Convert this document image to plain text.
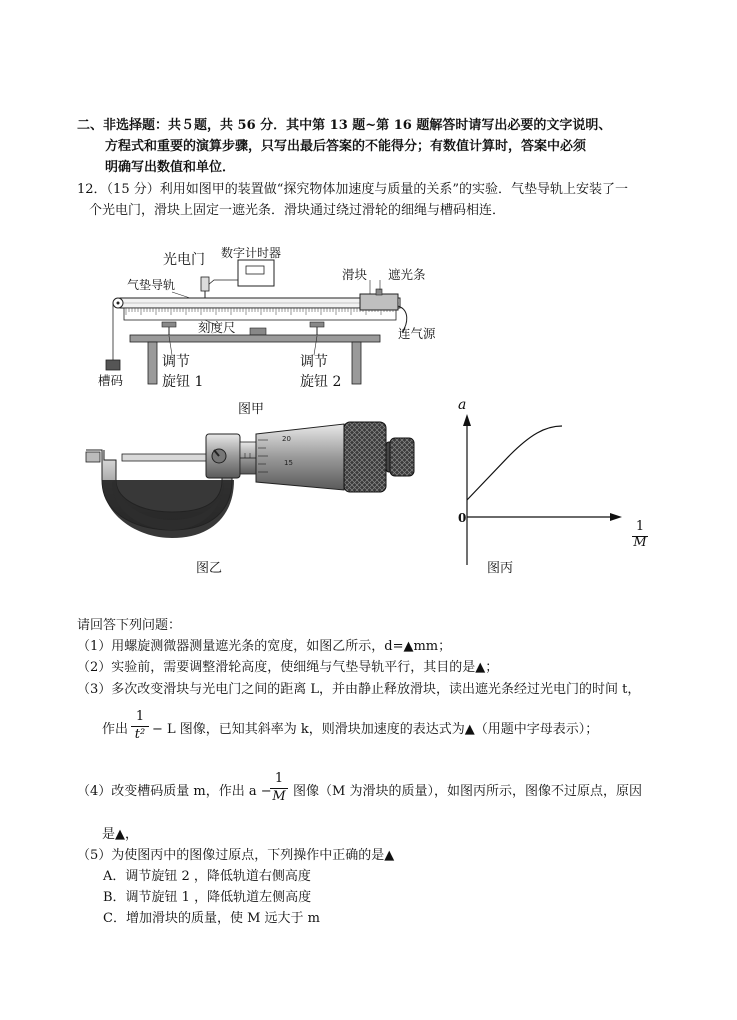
二、非选择题：共５题，共 56 分．其中第 13 题~第 16 题解答时请写出必要的文字说明、
方程式和重要的演算步骤，只写出最后答案的不能得分；有数值计算时，答案中必须
明确写出数值和单位．
12．（15 分）利用如图甲的装置做“探究物体加速度与质量的关系”的实验．气垫导轨上安装了一
个光电门，滑块上固定一遮光条．滑块通过绕过滑轮的细绳与槽码相连．
光电门 数字计时器
气垫导轨
滑块 遮光条
刻度尺	连气源
槽码
调节
旋钮 1
调节
旋钮 2
图甲
20
15
0.01mm
图乙
a
0
1
M
图丙
请回答下列问题：
（1）用螺旋测微器测量遮光条的宽度，如图乙所示，d=▲mm；
（2）实验前，需要调整滑轮高度，使细绳与气垫导轨平行，其目的是▲；
（3）多次改变滑块与光电门之间的距离 L，并由静止释放滑块，读出遮光条经过光电门的时间 t，
作出
1
t² − L 图像，已知其斜率为 k，则滑块加速度的表达式为▲（用题中字母表示）；
（4）改变槽码质量 m，作出 a −
1
M 图像（M 为滑块的质量），如图丙所示，图像不过原点，原因
是▲，
（5）为使图丙中的图像过原点，下列操作中正确的是▲
A．调节旋钮 2 ，降低轨道右侧高度
B．调节旋钮 1 ，降低轨道左侧高度
C．增加滑块的质量，使 M 远大于 m
